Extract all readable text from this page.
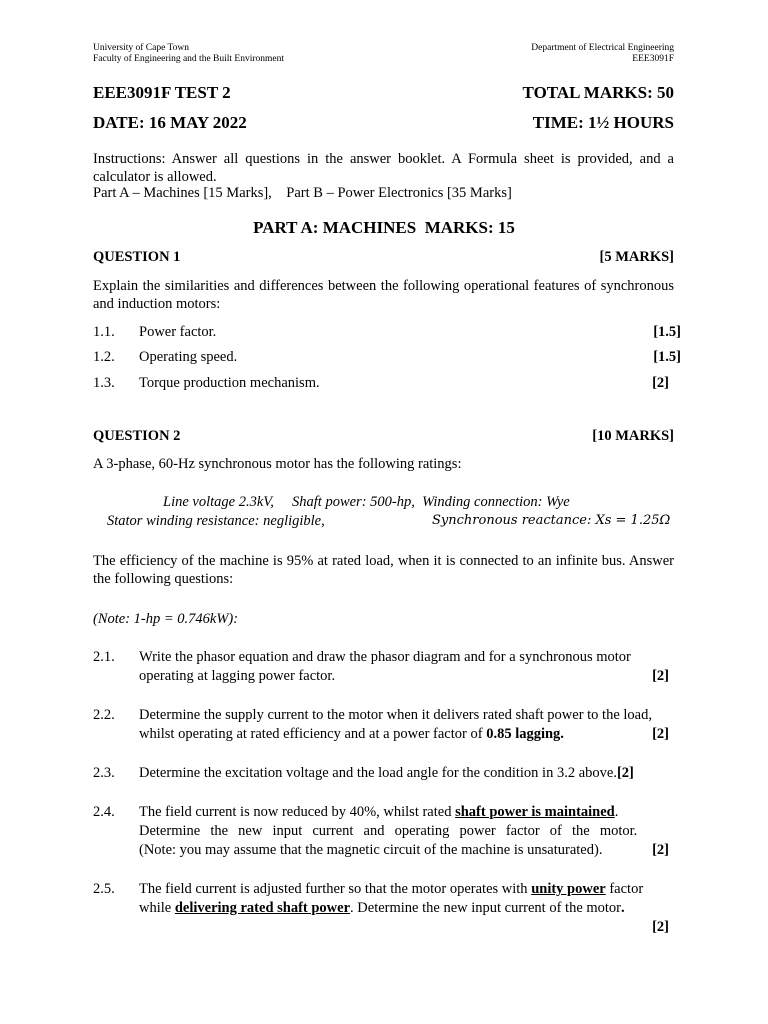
University of Cape Town
Faculty of Engineering and the Built Environment
Department of Electrical Engineering
EEE3091F
EEE3091F TEST 2	TOTAL MARKS: 50
DATE: 16 MAY 2022	TIME: 1½ HOURS
Instructions: Answer all questions in the answer booklet. A Formula sheet is provided, and a calculator is allowed.
Part A – Machines [15 Marks],    Part B – Power Electronics [35 Marks]
PART A: MACHINES  MARKS: 15
QUESTION 1	[5 MARKS]
Explain the similarities and differences between the following operational features of synchronous and induction motors:
1.1. Power factor.	[1.5]
1.2. Operating speed.	[1.5]
1.3. Torque production mechanism.	[2]
QUESTION 2	[10 MARKS]
A 3-phase, 60-Hz synchronous motor has the following ratings:
Line voltage 2.3kV,     Shaft power: 500-hp,  Winding connection: Wye
Stator winding resistance: negligible,	Synchronous reactance: Xs = 1.25Ω
The efficiency of the machine is 95% at rated load, when it is connected to an infinite bus. Answer the following questions:
(Note: 1-hp = 0.746kW):
2.1. Write the phasor equation and draw the phasor diagram and for a synchronous motor
operating at lagging power factor.	[2]
2.2. Determine the supply current to the motor when it delivers rated shaft power to the load,
whilst operating at rated efficiency and at a power factor of 0.85 lagging.	[2]
2.3. Determine the excitation voltage and the load angle for the condition in 3.2 above.[2]
2.4. The field current is now reduced by 40%, whilst rated shaft power is maintained.
Determine the new input current and operating power factor of the motor.
(Note: you may assume that the magnetic circuit of the machine is unsaturated).	[2]
2.5. The field current is adjusted further so that the motor operates with unity power factor
while delivering rated shaft power. Determine the new input current of the motor.
[2]
